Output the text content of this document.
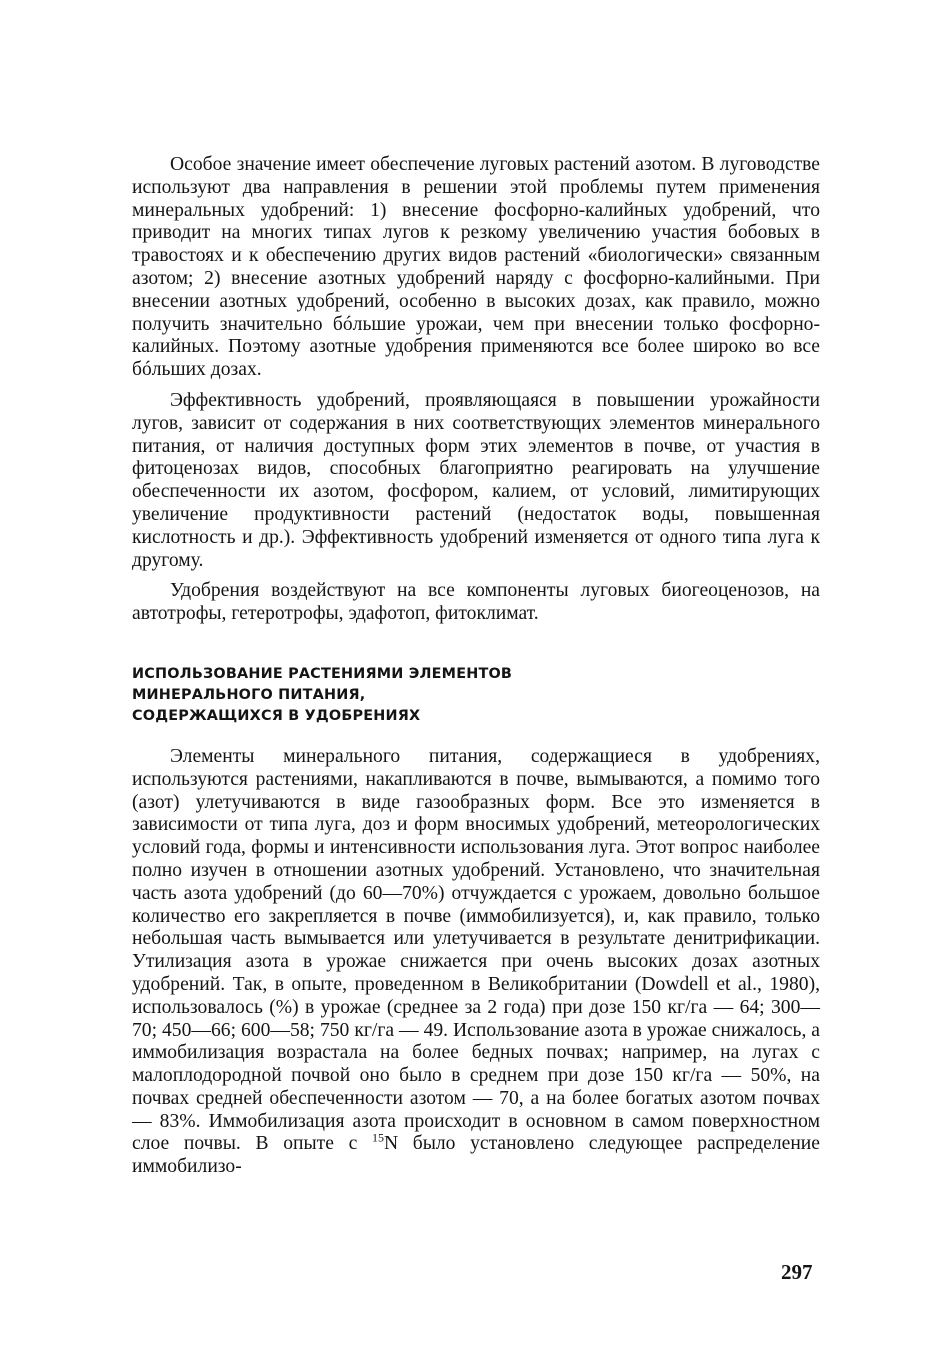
Особое значение имеет обеспечение луговых растений азотом. В луговодстве используют два направления в решении этой проблемы путем применения минеральных удобрений: 1) внесение фосфорно-калийных удобрений, что приводит на многих типах лугов к резкому увеличению участия бобовых в травостоях и к обеспечению других видов растений «биологически» связанным азотом; 2) внесение азотных удобрений наряду с фосфорно-калийными. При внесении азотных удобрений, особенно в высоких дозах, как правило, можно получить значительно бóльшие урожаи, чем при внесении только фосфорно-калийных. Поэтому азотные удобрения применяются все более широко во все бóльших дозах.

Эффективность удобрений, проявляющаяся в повышении урожайности лугов, зависит от содержания в них соответствующих элементов минерального питания, от наличия доступных форм этих элементов в почве, от участия в фитоценозах видов, способных благоприятно реагировать на улучшение обеспеченности их азотом, фосфором, калием, от условий, лимитирующих увеличение продуктивности растений (недостаток воды, повышенная кислотность и др.). Эффективность удобрений изменяется от одного типа луга к другому.

Удобрения воздействуют на все компоненты луговых биогеоценозов, на автотрофы, гетеротрофы, эдафотоп, фитоклимат.

ИСПОЛЬЗОВАНИЕ РАСТЕНИЯМИ ЭЛЕМЕНТОВ
МИНЕРАЛЬНОГО ПИТАНИЯ,
СОДЕРЖАЩИХСЯ В УДОБРЕНИЯХ

Элементы минерального питания, содержащиеся в удобрениях, используются растениями, накапливаются в почве, вымываются, а помимо того (азот) улетучиваются в виде газообразных форм. Все это изменяется в зависимости от типа луга, доз и форм вносимых удобрений, метеорологических условий года, формы и интенсивности использования луга. Этот вопрос наиболее полно изучен в отношении азотных удобрений. Установлено, что значительная часть азота удобрений (до 60—70%) отчуждается с урожаем, довольно большое количество его закрепляется в почве (иммобилизуется), и, как правило, только небольшая часть вымывается или улетучивается в результате денитрификации. Утилизация азота в урожае снижается при очень высоких дозах азотных удобрений. Так, в опыте, проведенном в Великобритании (Dowdell et al., 1980), использовалось (%) в урожае (среднее за 2 года) при дозе 150 кг/га — 64; 300—70; 450—66; 600—58; 750 кг/га — 49. Использование азота в урожае снижалось, а иммобилизация возрастала на более бедных почвах; например, на лугах с малоплодородной почвой оно было в среднем при дозе 150 кг/га — 50%, на почвах средней обеспеченности азотом — 70, а на более богатых азотом почвах — 83%. Иммобилизация азота происходит в основном в самом поверхностном слое почвы. В опыте с $^{15}$N было установлено следующее распределение иммобилизо-

297
